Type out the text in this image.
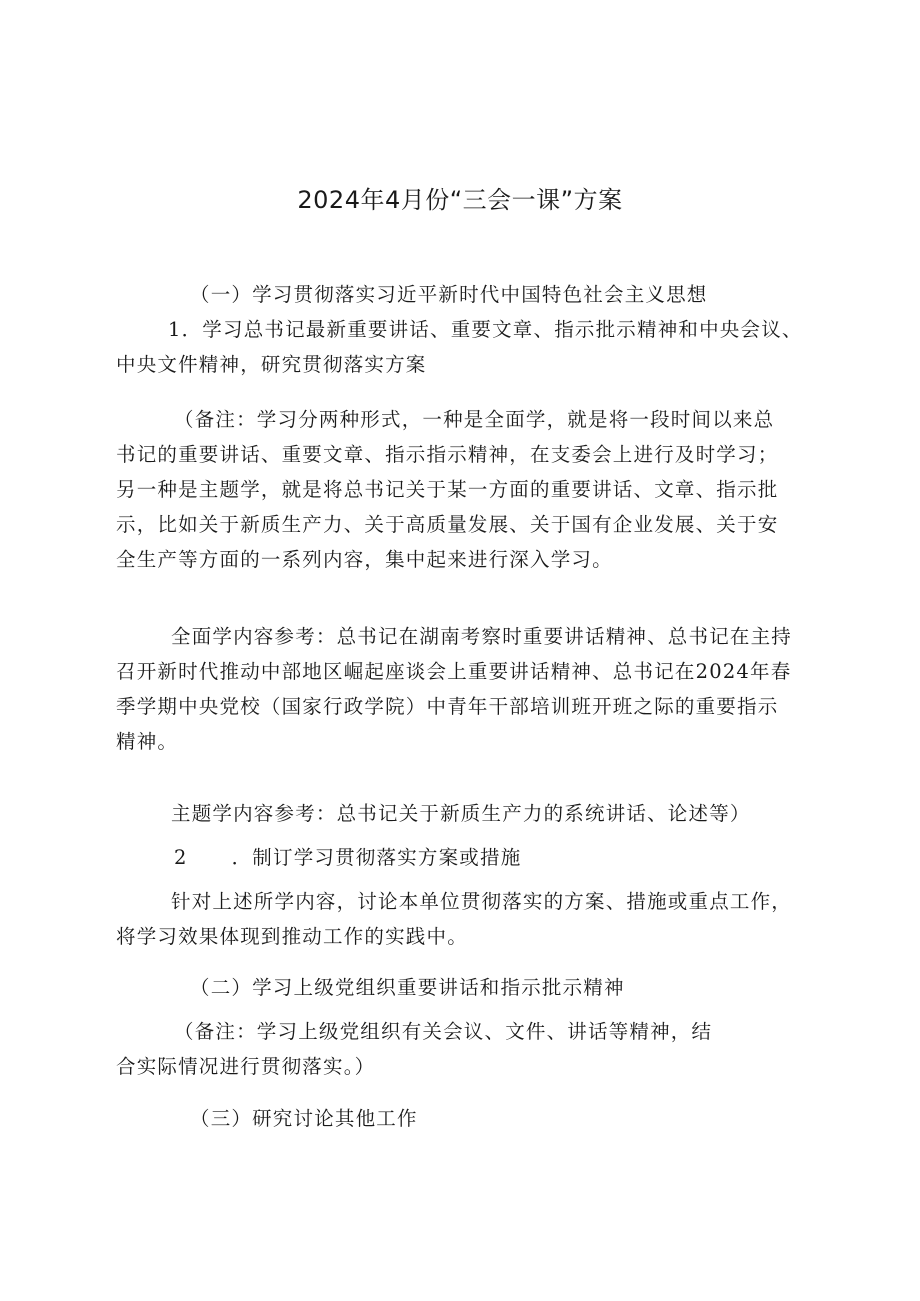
2024年4月份“三会一课”方案
（一）学习贯彻落实习近平新时代中国特色社会主义思想
1．学习总书记最新重要讲话、重要文章、指示批示精神和中央会议、
中央文件精神，研究贯彻落实方案
（备注：学习分两种形式，一种是全面学，就是将一段时间以来总
书记的重要讲话、重要文章、指示指示精神，在支委会上进行及时学习；
另一种是主题学，就是将总书记关于某一方面的重要讲话、文章、指示批
示，比如关于新质生产力、关于高质量发展、关于国有企业发展、关于安
全生产等方面的一系列内容，集中起来进行深入学习。
全面学内容参考：总书记在湖南考察时重要讲话精神、总书记在主持
召开新时代推动中部地区崛起座谈会上重要讲话精神、总书记在2024年春
季学期中央党校（国家行政学院）中青年干部培训班开班之际的重要指示
精神。
主题学内容参考：总书记关于新质生产力的系统讲话、论述等）
2 ．制订学习贯彻落实方案或措施
针对上述所学内容，讨论本单位贯彻落实的方案、措施或重点工作，
将学习效果体现到推动工作的实践中。
（二）学习上级党组织重要讲话和指示批示精神
（备注：学习上级党组织有关会议、文件、讲话等精神，结
合实际情况进行贯彻落实。）
（三）研究讨论其他工作
